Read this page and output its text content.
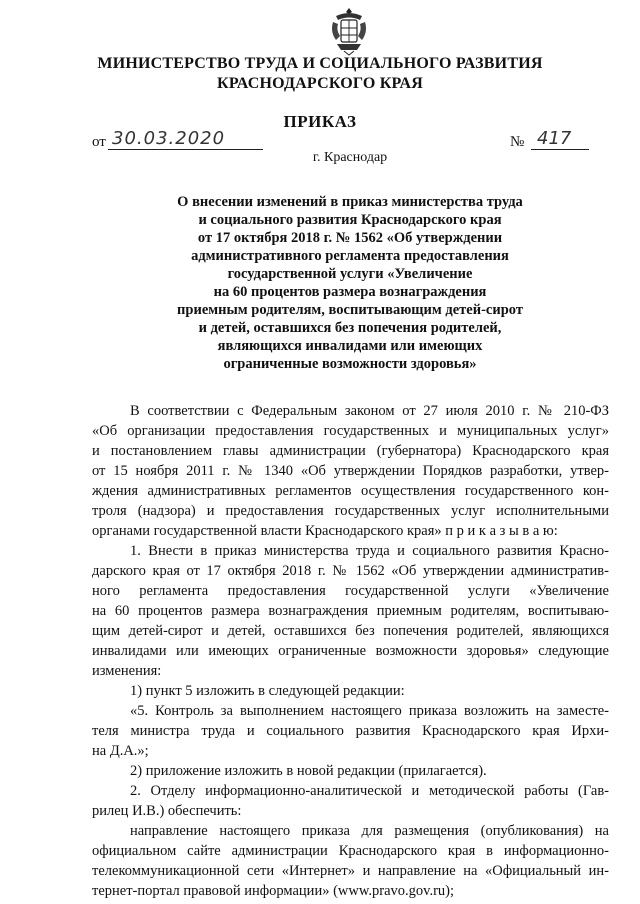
МИНИСТЕРСТВО ТРУДА И СОЦИАЛЬНОГО РАЗВИТИЯ
КРАСНОДАРСКОГО КРАЯ
ПРИКАЗ
от 30.03.2020	№ 417
г. Краснодар
О внесении изменений в приказ министерства труда
и социального развития Краснодарского края
от 17 октября 2018 г. № 1562 «Об утверждении
административного регламента предоставления
государственной услуги «Увеличение
на 60 процентов размера вознаграждения
приемным родителям, воспитывающим детей-сирот
и детей, оставшихся без попечения родителей,
являющихся инвалидами или имеющих
ограниченные возможности здоровья»
В соответствии с Федеральным законом от 27 июля 2010 г. № 210-ФЗ
«Об организации предоставления государственных и муниципальных услуг»
и постановлением главы администрации (губернатора) Краснодарского края
от 15 ноября 2011 г. № 1340 «Об утверждении Порядков разработки, утвер-
ждения административных регламентов осуществления государственного кон-
троля (надзора) и предоставления государственных услуг исполнительными
органами государственной власти Краснодарского края» п р и к а з ы в а ю:
1. Внести в приказ министерства труда и социального развития Красно-
дарского края от 17 октября 2018 г. № 1562 «Об утверждении административ-
ного регламента предоставления государственной услуги «Увеличение
на 60 процентов размера вознаграждения приемным родителям, воспитываю-
щим детей-сирот и детей, оставшихся без попечения родителей, являющихся
инвалидами или имеющих ограниченные возможности здоровья» следующие
изменения:
1) пункт 5 изложить в следующей редакции:
«5. Контроль за выполнением настоящего приказа возложить на заместе-
теля министра труда и социального развития Краснодарского края Ирхи-
на Д.А.»;
2) приложение изложить в новой редакции (прилагается).
2. Отделу информационно-аналитической и методической работы (Гав-
рилец И.В.) обеспечить:
направление настоящего приказа для размещения (опубликования) на
официальном сайте администрации Краснодарского края в информационно-
телекоммуникационной сети «Интернет» и направление на «Официальный ин-
тернет-портал правовой информации» (www.pravo.gov.ru);
